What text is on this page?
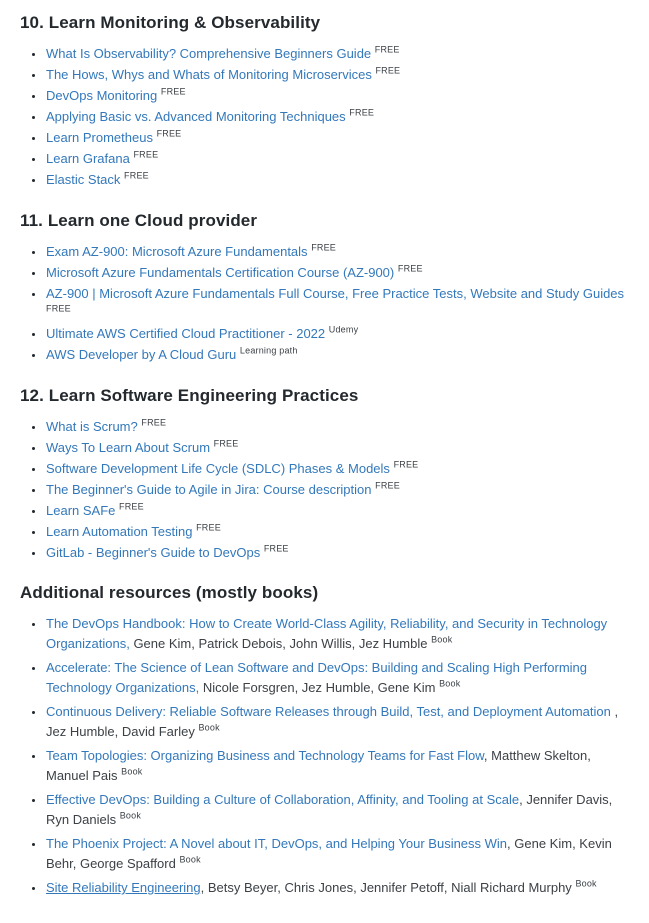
10. Learn Monitoring & Observability
• What Is Observability? Comprehensive Beginners Guide $^{FREE}$
• The Hows, Whys and Whats of Monitoring Microservices $^{FREE}$
• DevOps Monitoring $^{FREE}$
• Applying Basic vs. Advanced Monitoring Techniques $^{FREE}$
• Learn Prometheus $^{FREE}$
• Learn Grafana $^{FREE}$
• Elastic Stack $^{FREE}$
11. Learn one Cloud provider
• Exam AZ-900: Microsoft Azure Fundamentals $^{FREE}$
• Microsoft Azure Fundamentals Certification Course (AZ-900) $^{FREE}$
• AZ-900 | Microsoft Azure Fundamentals Full Course, Free Practice Tests, Website and Study Guides $^{FREE}$
• Ultimate AWS Certified Cloud Practitioner - 2022 $^{Udemy}$
• AWS Developer by A Cloud Guru $^{Learning path}$
12. Learn Software Engineering Practices
• What is Scrum? $^{FREE}$
• Ways To Learn About Scrum $^{FREE}$
• Software Development Life Cycle (SDLC) Phases & Models $^{FREE}$
• The Beginner's Guide to Agile in Jira: Course description $^{FREE}$
• Learn SAFe $^{FREE}$
• Learn Automation Testing $^{FREE}$
• GitLab - Beginner's Guide to DevOps $^{FREE}$
Additional resources (mostly books)
• The DevOps Handbook: How to Create World-Class Agility, Reliability, and Security in Technology Organizations, Gene Kim, Patrick Debois, John Willis, Jez Humble $^{Book}$
• Accelerate: The Science of Lean Software and DevOps: Building and Scaling High Performing Technology Organizations, Nicole Forsgren, Jez Humble, Gene Kim $^{Book}$
• Continuous Delivery: Reliable Software Releases through Build, Test, and Deployment Automation , Jez Humble, David Farley $^{Book}$
• Team Topologies: Organizing Business and Technology Teams for Fast Flow, Matthew Skelton, Manuel Pais $^{Book}$
• Effective DevOps: Building a Culture of Collaboration, Affinity, and Tooling at Scale, Jennifer Davis, Ryn Daniels $^{Book}$
• The Phoenix Project: A Novel about IT, DevOps, and Helping Your Business Win, Gene Kim, Kevin Behr, George Spafford $^{Book}$
• Site Reliability Engineering, Betsy Beyer, Chris Jones, Jennifer Petoff, Niall Richard Murphy $^{Book}$
